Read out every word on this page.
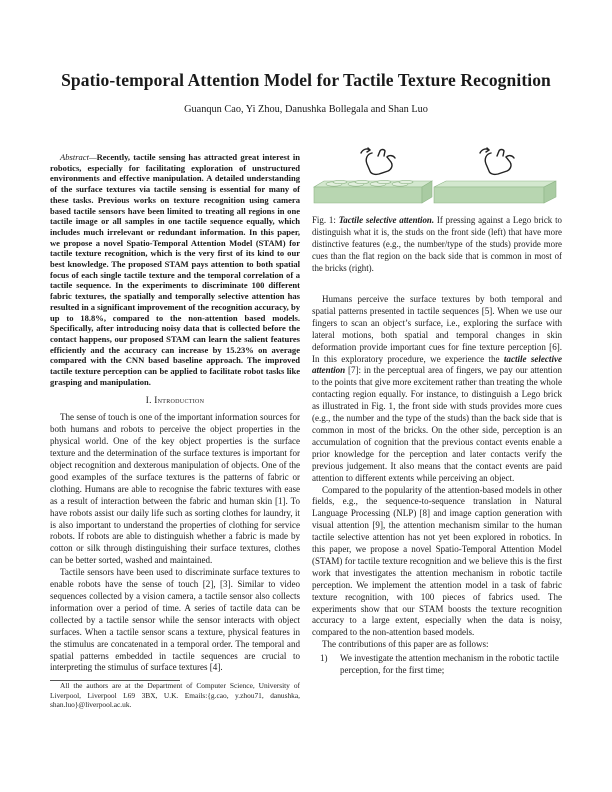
Spatio-temporal Attention Model for Tactile Texture Recognition
Guanqun Cao, Yi Zhou, Danushka Bollegala and Shan Luo

Abstract—Recently, tactile sensing has attracted great interest in robotics, especially for facilitating exploration of unstructured environments and effective manipulation. A detailed understanding of the surface textures via tactile sensing is essential for many of these tasks. Previous works on texture recognition using camera based tactile sensors have been limited to treating all regions in one tactile image or all samples in one tactile sequence equally, which includes much irrelevant or redundant information. In this paper, we propose a novel Spatio-Temporal Attention Model (STAM) for tactile texture recognition, which is the very first of its kind to our best knowledge. The proposed STAM pays attention to both spatial focus of each single tactile texture and the temporal correlation of a tactile sequence. In the experiments to discriminate 100 different fabric textures, the spatially and temporally selective attention has resulted in a significant improvement of the recognition accuracy, by up to 18.8%, compared to the non-attention based models. Specifically, after introducing noisy data that is collected before the contact happens, our proposed STAM can learn the salient features efficiently and the accuracy can increase by 15.23% on average compared with the CNN based baseline approach. The improved tactile texture perception can be applied to facilitate robot tasks like grasping and manipulation.

I. Introduction

The sense of touch is one of the important information sources for both humans and robots to perceive the object properties in the physical world. One of the key object properties is the surface texture and the determination of the surface textures is important for object recognition and dexterous manipulation of objects. One of the good examples of the surface textures is the patterns of fabric or clothing. Humans are able to recognise the fabric textures with ease as a result of interaction between the fabric and human skin [1]. To have robots assist our daily life such as sorting clothes for laundry, it is also important to understand the properties of clothing for service robots. If robots are able to distinguish whether a fabric is made by cotton or silk through distinguishing their surface textures, clothes can be better sorted, washed and maintained.

Tactile sensors have been used to discriminate surface textures to enable robots have the sense of touch [2], [3]. Similar to video sequences collected by a vision camera, a tactile sensor also collects information over a period of time. A series of tactile data can be collected by a tactile sensor while the sensor interacts with object surfaces. When a tactile sensor scans a texture, physical features in the stimulus are concatenated in a temporal order. The temporal and spatial patterns embedded in tactile sequences are crucial to interpreting the stimulus of surface textures [4].

All the authors are at the Department of Computer Science, University of Liverpool, Liverpool L69 3BX, U.K. Emails:{g.cao, y.zhou71, danushka, shan.luo}@liverpool.ac.uk.

Fig. 1: Tactile selective attention. If pressing against a Lego brick to distinguish what it is, the studs on the front side (left) that have more distinctive features (e.g., the number/type of the studs) provide more cues than the flat region on the back side that is common in most of the bricks (right).

Humans perceive the surface textures by both temporal and spatial patterns presented in tactile sequences [5]. When we use our fingers to scan an object’s surface, i.e., exploring the surface with lateral motions, both spatial and temporal changes in skin deformation provide important cues for fine texture perception [6]. In this exploratory procedure, we experience the tactile selective attention [7]: in the perceptual area of fingers, we pay our attention to the points that give more excitement rather than treating the whole contacting region equally. For instance, to distinguish a Lego brick as illustrated in Fig. 1, the front side with studs provides more cues (e.g., the number and the type of the studs) than the back side that is common in most of the bricks. On the other side, perception is an accumulation of cognition that the previous contact events enable a prior knowledge for the perception and later contacts verify the previous judgement. It also means that the contact events are paid attention to different extents while perceiving an object.

Compared to the popularity of the attention-based models in other fields, e.g., the sequence-to-sequence translation in Natural Language Processing (NLP) [8] and image caption generation with visual attention [9], the attention mechanism similar to the human tactile selective attention has not yet been explored in robotics. In this paper, we propose a novel Spatio-Temporal Attention Model (STAM) for tactile texture recognition and we believe this is the first work that investigates the attention mechanism in robotic tactile perception. We implement the attention model in a task of fabric texture recognition, with 100 pieces of fabrics used. The experiments show that our STAM boosts the texture recognition accuracy to a large extent, especially when the data is noisy, compared to the non-attention based models.

The contributions of this paper are as follows:

1)	We investigate the attention mechanism in the robotic tactile perception, for the first time;
